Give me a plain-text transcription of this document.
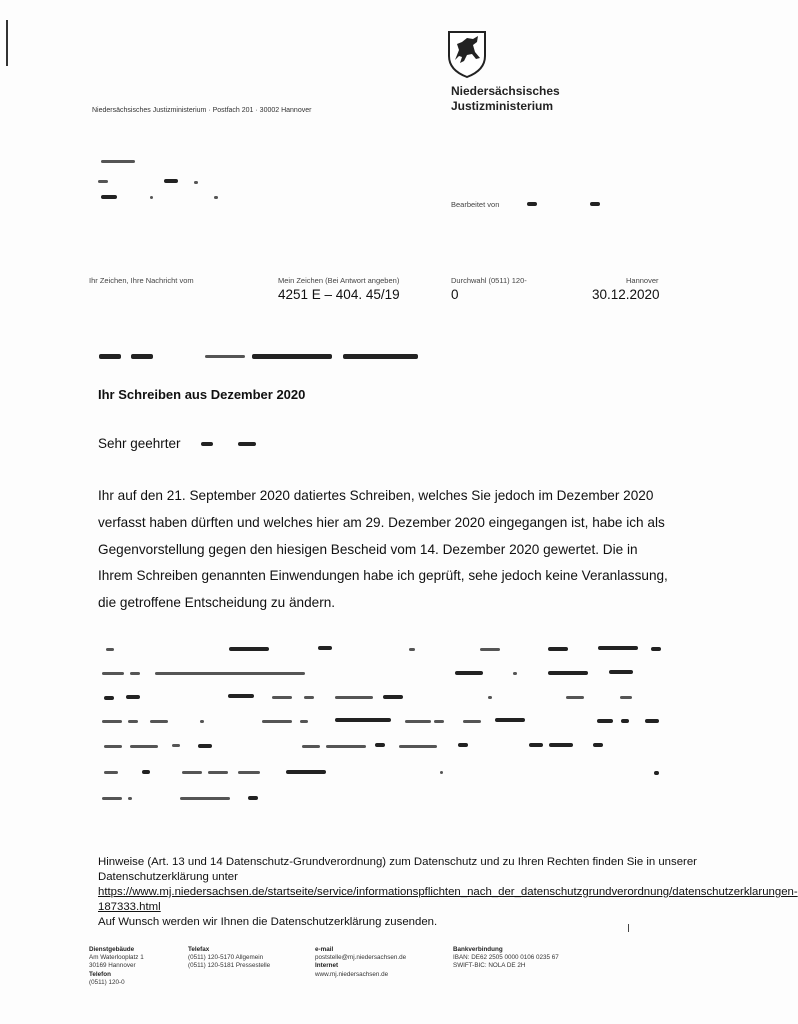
Niedersächsisches
Justizministerium
Niedersächsisches Justizministerium · Postfach 201 · 30002 Hannover
Bearbeitet von
Ihr Zeichen, Ihre Nachricht vom	Mein Zeichen (Bei Antwort angeben)
4251 E – 404. 45/19
Durchwahl (0511) 120-
0
Hannover
30.12.2020
Ihr Schreiben aus Dezember 2020
Sehr geehrter

Ihr auf den 21. September 2020 datiertes Schreiben, welches Sie jedoch im Dezember 2020 verfasst haben dürften und welches hier am 29. Dezember 2020 eingegangen ist, habe ich als Gegenvorstellung gegen den hiesigen Bescheid vom 14. Dezember 2020 gewertet. Die in Ihrem Schreiben genannten Einwendungen habe ich geprüft, sehe jedoch keine Veranlassung, die getroffene Entscheidung zu ändern.

Hinweise (Art. 13 und 14 Datenschutz-Grundverordnung) zum Datenschutz und zu Ihren Rechten finden Sie in unserer Datenschutzerklärung unter
https://www.mj.niedersachsen.de/startseite/service/informationspflichten_nach_der_datenschutzgrundverordnung/datenschutzerklarungen-187333.html
Auf Wunsch werden wir Ihnen die Datenschutzerklärung zusenden.
Dienstgebäude
Am Waterlooplatz 1
30169 Hannover
Telefon
(0511) 120-0
Telefax
(0511) 120-5170 Allgemein
(0511) 120-5181 Pressestelle
e-mail
poststelle@mj.niedersachsen.de
Internet
www.mj.niedersachsen.de
Bankverbindung
IBAN: DE62 2505 0000 0106 0235 67
SWIFT-BIC: NOLA DE 2H
